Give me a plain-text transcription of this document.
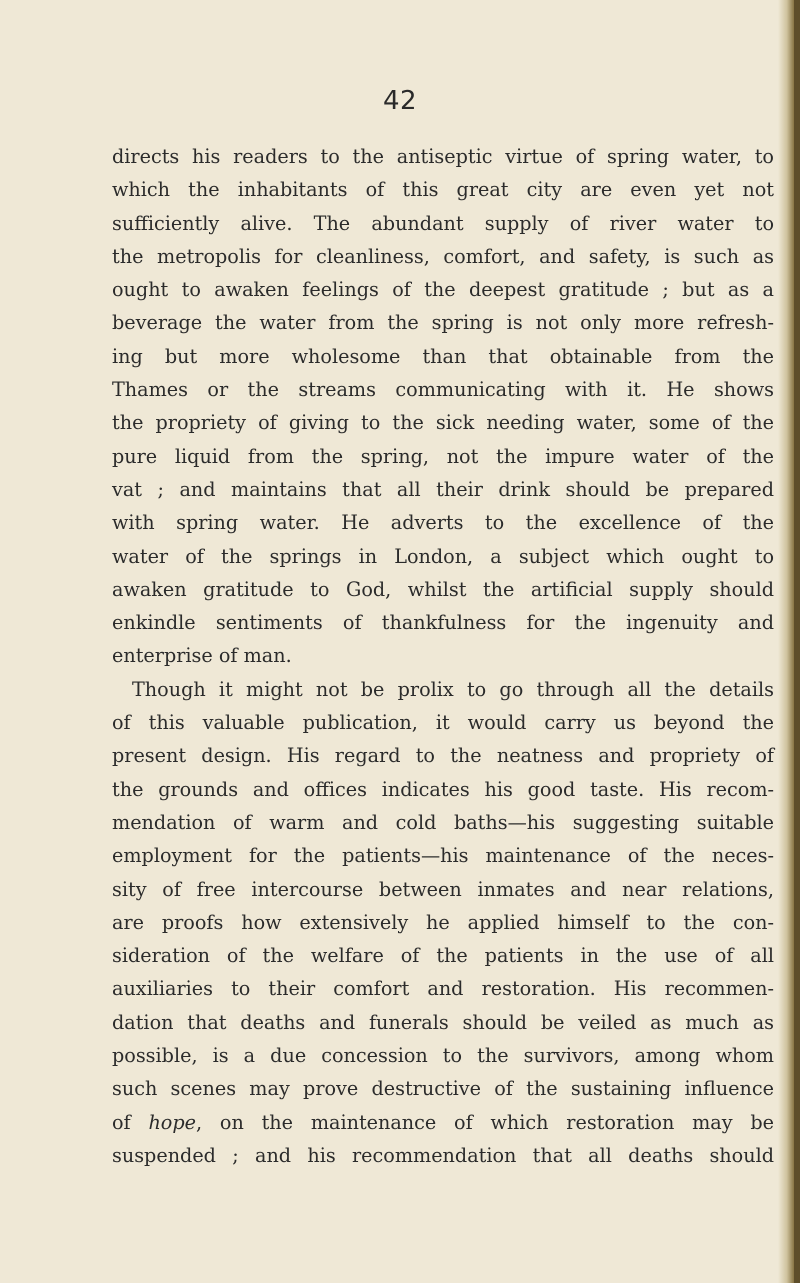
42
directs his readers to the antiseptic virtue of spring water, to
which the inhabitants of this great city are even yet not
sufficiently alive. The abundant supply of river water to
the metropolis for cleanliness, comfort, and safety, is such as
ought to awaken feelings of the deepest gratitude ; but as a
beverage the water from the spring is not only more refresh-
ing but more wholesome than that obtainable from the
Thames or the streams communicating with it. He shows
the propriety of giving to the sick needing water, some of the
pure liquid from the spring, not the impure water of the
vat ; and maintains that all their drink should be prepared
with spring water. He adverts to the excellence of the
water of the springs in London, a subject which ought to
awaken gratitude to God, whilst the artificial supply should
enkindle sentiments of thankfulness for the ingenuity and
enterprise of man.
Though it might not be prolix to go through all the details
of this valuable publication, it would carry us beyond the
present design. His regard to the neatness and propriety of
the grounds and offices indicates his good taste. His recom-
mendation of warm and cold baths—his suggesting suitable
employment for the patients—his maintenance of the neces-
sity of free intercourse between inmates and near relations,
are proofs how extensively he applied himself to the con-
sideration of the welfare of the patients in the use of all
auxiliaries to their comfort and restoration. His recommen-
dation that deaths and funerals should be veiled as much as
possible, is a due concession to the survivors, among whom
such scenes may prove destructive of the sustaining influence
of hope, on the maintenance of which restoration may be
suspended ; and his recommendation that all deaths should
